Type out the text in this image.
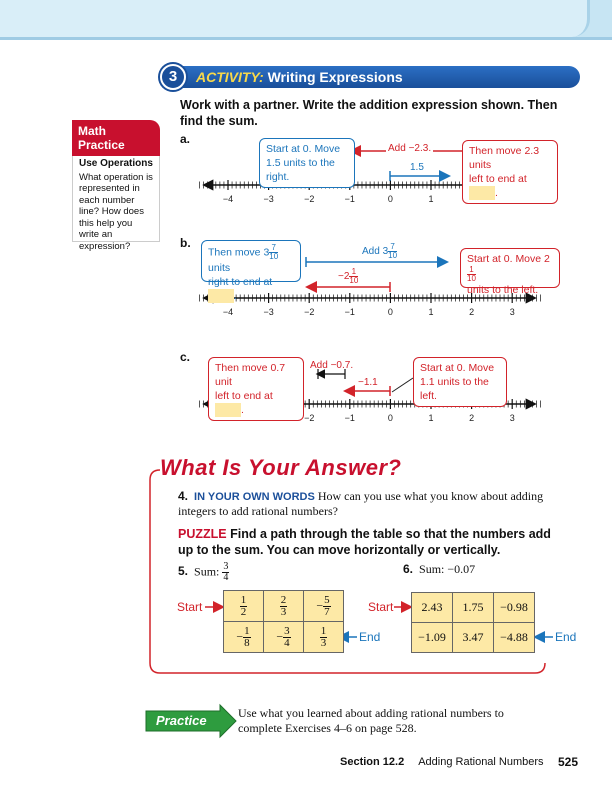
3	ACTIVITY: Writing Expressions
Work with a partner. Write the addition expression shown. Then find the sum.
Math
Practice
Use Operations
What operation is represented in each number line? How does this help you write an expression?
a.
b.
c.
−4	−3	−2	−1	0	1
−4	−3	−2	−1	0	1	2	3
−2	−1	0	1	2	3
Start at 0. Move 1.5 units to the right.
Then move 2.3 units
left to end at .
Add −2.3.
1.5
Then move $3 \frac{7}{10}$ units
right to end at .
Add $3 \frac{7}{10}$
$-2 \frac{1}{10}$
Start at 0. Move 2
$\frac{1}{10}$
units to the left.
Then move 0.7 unit
left to end at .
Add −0.7.
−1.1
Start at 0. Move 1.1 units to the left.
What Is Your Answer?
4. IN YOUR OWN WORDS How can you use what you know about adding integers to add rational numbers?
PUZZLE Find a path through the table so that the numbers add up to the sum. You can move horizontally or vertically.
5. Sum: $\frac{3}{4}$	6. Sum: −0.07
Start
End
$\frac{1}{2}$	$\frac{2}{3}$	− $\frac{5}{7}$
− $\frac{1}{8}$	− $\frac{3}{4}$	$\frac{1}{3}$
Start
End
2.43	1.75	−0.98
−1.09	3.47	−4.88
Practice	Use what you learned about adding rational numbers to complete Exercises 4–6 on page 528.
Section 12.2 Adding Rational Numbers 525
